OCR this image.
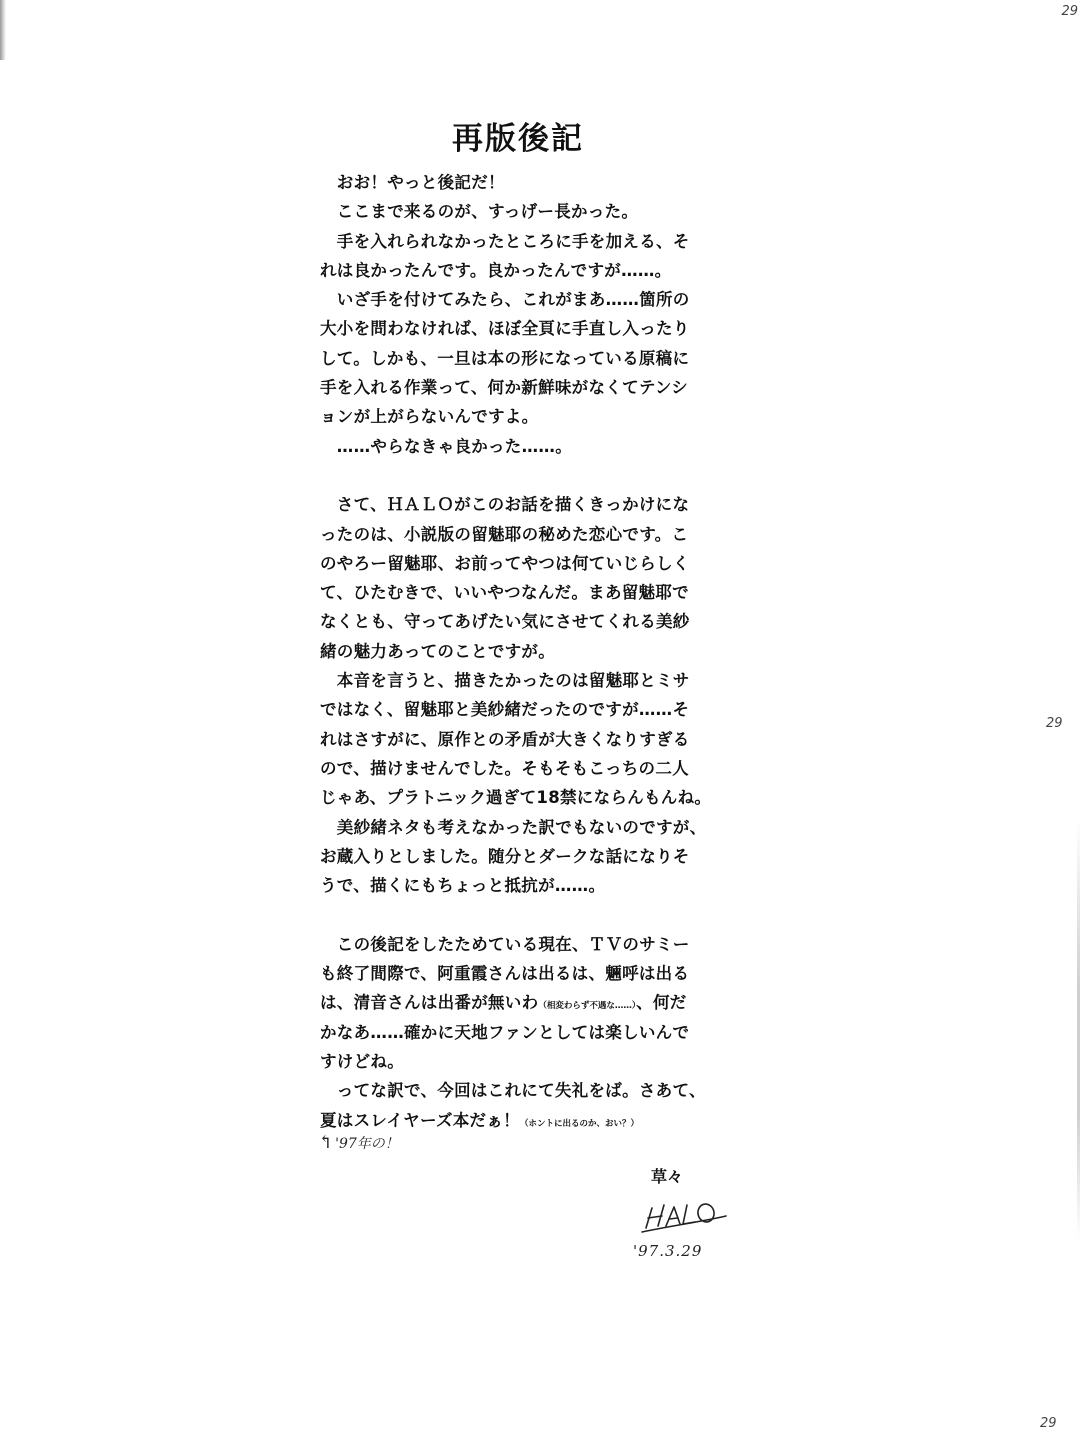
29
29
29
再版後記
　おお！やっと後記だ！
　ここまで来るのが、すっげー長かった。
　手を入れられなかったところに手を加える、そ
れは良かったんです。良かったんですが……。
　いざ手を付けてみたら、これがまあ……箇所の
大小を問わなければ、ほぼ全頁に手直し入ったり
して。しかも、一旦は本の形になっている原稿に
手を入れる作業って、何か新鮮味がなくてテンシ
ョンが上がらないんですよ。
　……やらなきゃ良かった……。
　さて、ＨＡＬＯがこのお話を描くきっかけにな
ったのは、小説版の留魅耶の秘めた恋心です。こ
のやろー留魅耶、お前ってやつは何ていじらしく
て、ひたむきで、いいやつなんだ。まあ留魅耶で
なくとも、守ってあげたい気にさせてくれる美紗
緒の魅力あってのことですが。
　本音を言うと、描きたかったのは留魅耶とミサ
ではなく、留魅耶と美紗緒だったのですが……そ
れはさすがに、原作との矛盾が大きくなりすぎる
ので、描けませんでした。そもそもこっちの二人
じゃあ、プラトニック過ぎて18禁にならんもんね。
　美紗緒ネタも考えなかった訳でもないのですが、
お蔵入りとしました。随分とダークな話になりそ
うで、描くにもちょっと抵抗が……。
　この後記をしたためている現在、ＴＶのサミー
も終了間際で、阿重霞さんは出るは、魎呼は出る
は、清音さんは出番が無いわ（相変わらず不遇な……）、何だ
かなあ……確かに天地ファンとしては楽しいんで
すけどね。
　ってな訳で、今回はこれにて失礼をば。さあて、
夏はスレイヤーズ本だぁ！（ホントに出るのか、おい？）
↰ '97年の！
草々
'97.3.29
